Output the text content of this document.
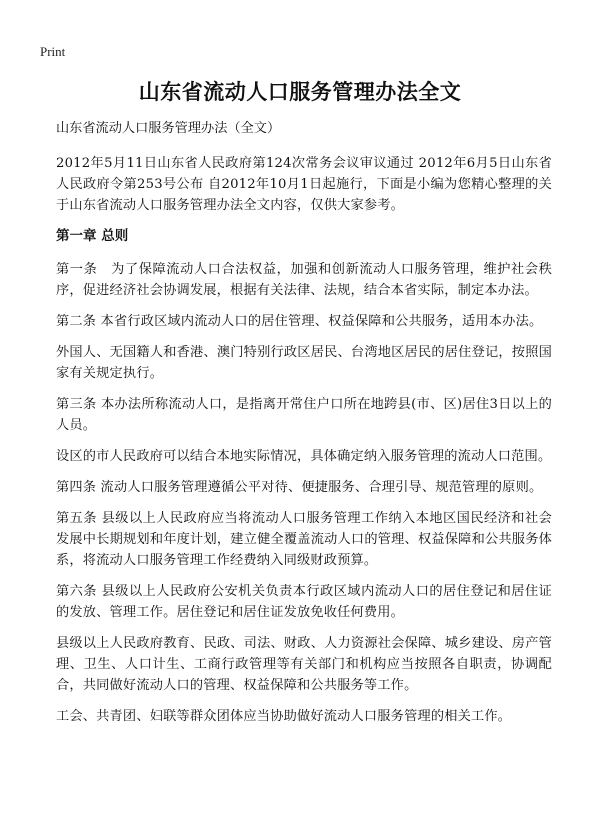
Print
山东省流动人口服务管理办法全文

山东省流动人口服务管理办法（全文）

2012年5月11日山东省人民政府第124次常务会议审议通过 2012年6月5日山东省人民政府令第253号公布 自2012年10月1日起施行，下面是小编为您精心整理的关于山东省流动人口服务管理办法全文内容，仅供大家参考。

第一章 总则

第一条　为了保障流动人口合法权益，加强和创新流动人口服务管理，维护社会秩序，促进经济社会协调发展，根据有关法律、法规，结合本省实际，制定本办法。

第二条 本省行政区域内流动人口的居住管理、权益保障和公共服务，适用本办法。

外国人、无国籍人和香港、澳门特别行政区居民、台湾地区居民的居住登记，按照国家有关规定执行。

第三条 本办法所称流动人口，是指离开常住户口所在地跨县(市、区)居住3日以上的人员。

设区的市人民政府可以结合本地实际情况，具体确定纳入服务管理的流动人口范围。

第四条 流动人口服务管理遵循公平对待、便捷服务、合理引导、规范管理的原则。

第五条 县级以上人民政府应当将流动人口服务管理工作纳入本地区国民经济和社会发展中长期规划和年度计划，建立健全覆盖流动人口的管理、权益保障和公共服务体系，将流动人口服务管理工作经费纳入同级财政预算。

第六条 县级以上人民政府公安机关负责本行政区域内流动人口的居住登记和居住证的发放、管理工作。居住登记和居住证发放免收任何费用。

县级以上人民政府教育、民政、司法、财政、人力资源社会保障、城乡建设、房产管理、卫生、人口计生、工商行政管理等有关部门和机构应当按照各自职责，协调配合，共同做好流动人口的管理、权益保障和公共服务等工作。

工会、共青团、妇联等群众团体应当协助做好流动人口服务管理的相关工作。
